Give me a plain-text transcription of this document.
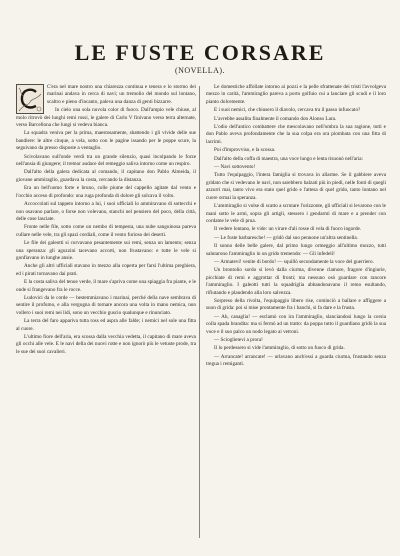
LE FUSTE CORSARE
(NOVELLA).

C'era nel mare nostro una chiarezza continua e tenera e lo stormo dei marinai andava in cerca di navi; un tremolio del mondo sul lontano, scaltro e pieno d'incanto, paleva una danza di genti bizzarre.

In cielo una sola nuvola color di fuoco. Dall'ampio vele chiuse, al molo ritrovò dei lunghi remi rossi, le galere di Carlo V finivano verso terra alternate, verso Barcellona che lungi si vedeva bianca.

La squadra veniva per la prima, maestosamente, sbattendo i gli vivide delle sue bandiere: le altre cinque, a vela, sotto con le pagine issando per le poppe scure, la seguivano da presso disposte a ventaglio.

Scivolavano sull'onde verdi tra un grande silenzio, quasi incolpando le forze nell'ansia di giungere; il tremor audace del remeggio saliva intorno come un respiro.

Dall'alto della galera dedicata al comando, il capitano don Pablo Almeida, il giovane ammiraglio, guardava la costa, cercando la distanza.

Era un bell'uomo forte e bruno, colle piume del cappello agitate dal vento e l'occhio acceso di profondo: una ruga profonda di dolore gli solcava il volto.

Accoccolati sul tappeto intorno a lui, i suoi ufficiali lo ammiravano di sottecchi e non osavano parlare, o forse non volevano, stanchi nel pensiero del poco, della città, delle cose lasciate.

Fronte nelle file, sotto come un nembo di tempesta, una nube sanguinosa pareva cullare nelle vele, tra gli spazi cordiali, come il vento furioso dei deserti.

Le file dei galeotti si curvavano pesantemente sui remi, senza un lamento; senza una speranza: gli aguzzini tacevano accorti, non frustavano: e tutte le vele si gonfiavano in lunghe ansie.

Anche gli altri ufficiali stavano in mezzo alla coperta per farsi l'ultima preghiera, ed i pirati tornavano dai prati.

E la costa saliva del tenue verde, il mare s'apriva come una spiaggia fra piante, e le onde si frangevano fra le rocce.

Ludovici da le corde — bestemmiavano i marinai, perché della nave sembrava di sentire il profumo, e alla vergogna di tornare ancora una volta in mano nemica, non vollero i suoi remi nei lidi, sono un vecchio guscio qualunque e rinunciato.

La terra del faro appariva tutta ross ed aspra alle falde; i nemici nel sole una fitta al cuore.

L'ultimo fiore dell'aria, era scossa dalla vecchia vedetta, il capitano di mare aveva gli occhi alle vele. E le navi della dei nuovi rotte e non ignorò più le vetuste prode, tra le sue dei suoi cavalieri.

Le domestiche affollate intorno ai pozzi e la pelle sfrattenate dei tristi l'avvolgeva mezzo in carità, l'ammiraglio pareva a porto golfuio cui a lanciare gli scudi e il loro pianto dolcemente.

E i suoi nemici, che chiusero il diavolo, cercava tra il passo infuocato?

L'avrebbe assalita finalmente il comando don Alonso Lara.

L'odio dell'antico combattere che mescolavano nell'ombra la sua ragione, tutti e don Pablo aveva profondamente che la sua colpa era ora piombata con una fitta di lacrimi.

Poi d'improvviso, e la scossa.

Dall'alto della coffa di maestra, una voce lungo e lenta risuonò nell'aria:

— Navi sottovento!

Tutto l'equipaggio, l'intera famiglia si trovava in allarme. Se il gabbiere aveva gridato che si vedevano le navi, non sarebbero balzati più in piedi, nelle fonti di quegli azzurri mai, tanto vivo era stato quel grido e l'attesa di quel grido, tanto lontano nel cuore ormai la speranza.

L'ammiraglio si volse di scatto a scrutare l'orizzonte, gli ufficiali si levarono con le mani sotto le armi, sopra gli artigli, stessero i gendarmi di mare e a prender con cordame le vele di prua.

Il vedere lontano, le vide: un virare d'ali rosse di vela di fuoco ingorde.

— Le fuste barbaresche! — gridò dal suo pennone un'altra sentinella.

Il sonno delle belle galere, dal primo lungo ormeggio all'ultimo mozzo, tutti salutarono l'ammiraglio in un grido tremendo: — Gli infedeli!

— Armatevi! venite di bordo! — squillò secondamente la voce del guerriero.

Un brontolio sordo si levò dalla ciurma, divenne clamore, fragore d'ingiurie, picchiate di remi e aggrottar di fronti; ma nessuno osò guardare con rancore l'ammiraglio. I galeotti tutti la squadriglia abbandonavano il remo esultando, rifiutando e plaudendo alla loro salvezza.

Sorpreso della rivolta, l'equipaggio libero rise, cominciò a ballare e affiggere a suon di grida: poi si mise prontamente fra i banchi, si fa dare e la frusta.

— Ah, canaglia! — esclamò con ira l'ammiraglio, slanciandosi lungo la corsia colla spada brandita: ma si fermò ad un tratto: da poppa tutto il guardiano gridò la sua voce e il suo palco un nodo legato ai vetroni.

— Scioglietevi a prora!

Il lo perdessero si vide l'ammiraglio, di sotto un fuoco di grida.

— Arrancate! arrancate! — urlavano anch'essi a guarda ciurma, frustando senza tregua i remiganti.
